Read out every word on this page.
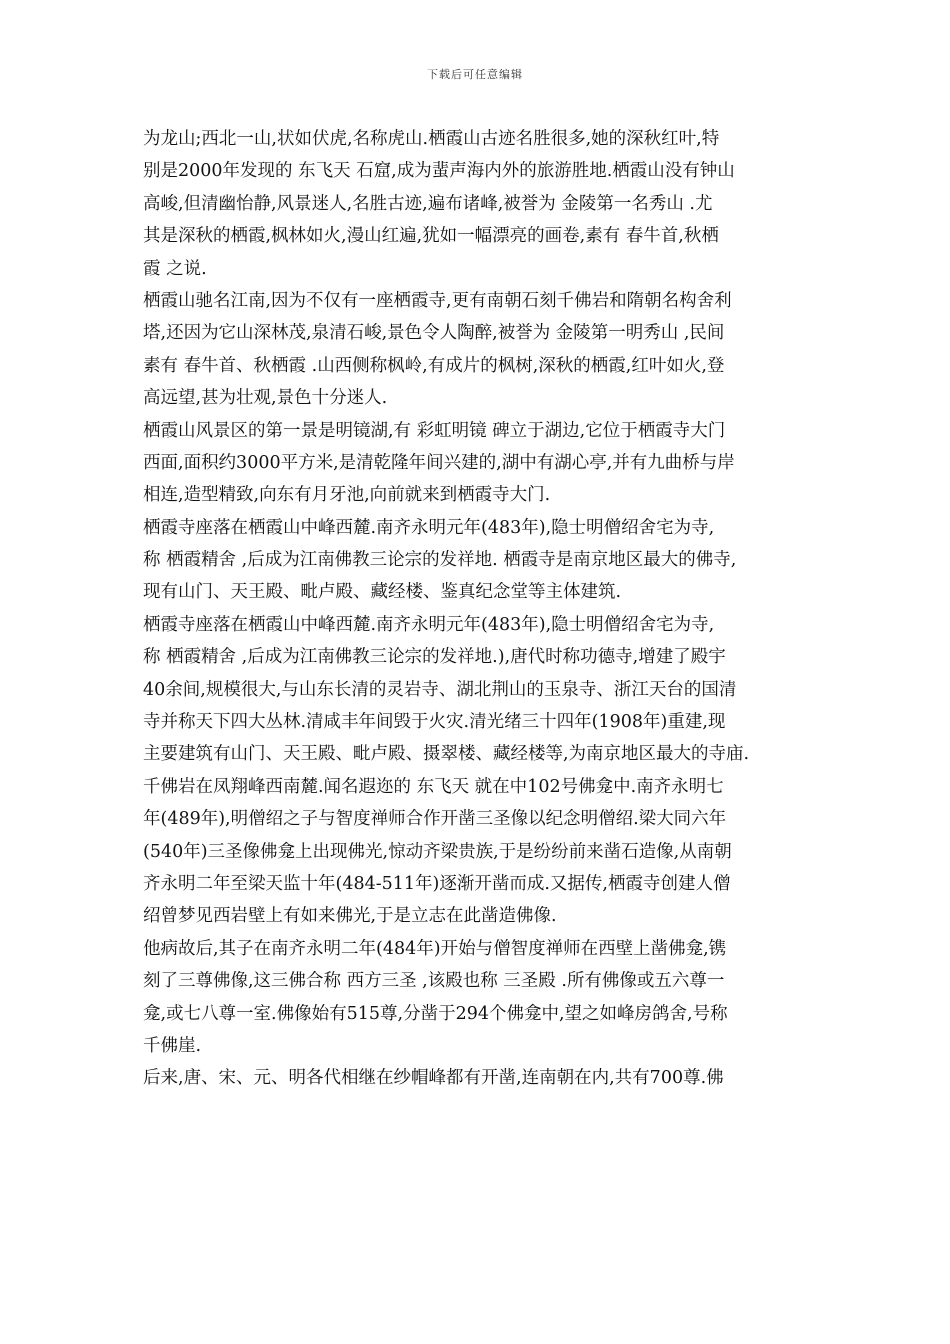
下载后可任意编辑
为龙山;西北一山,状如伏虎,名称虎山.栖霞山古迹名胜很多,她的深秋红叶,特
别是2000年发现的 东飞天 石窟,成为蜚声海内外的旅游胜地.栖霞山没有钟山
高峻,但清幽怡静,风景迷人,名胜古迹,遍布诸峰,被誉为 金陵第一名秀山 .尤
其是深秋的栖霞,枫林如火,漫山红遍,犹如一幅漂亮的画卷,素有 春牛首,秋栖
霞 之说.
栖霞山驰名江南,因为不仅有一座栖霞寺,更有南朝石刻千佛岩和隋朝名构舍利
塔,还因为它山深林茂,泉清石峻,景色令人陶醉,被誉为 金陵第一明秀山 ,民间
素有 春牛首、秋栖霞 .山西侧称枫岭,有成片的枫树,深秋的栖霞,红叶如火,登
高远望,甚为壮观,景色十分迷人.
栖霞山风景区的第一景是明镜湖,有 彩虹明镜 碑立于湖边,它位于栖霞寺大门
西面,面积约3000平方米,是清乾隆年间兴建的,湖中有湖心亭,并有九曲桥与岸
相连,造型精致,向东有月牙池,向前就来到栖霞寺大门.
栖霞寺座落在栖霞山中峰西麓.南齐永明元年(483年),隐士明僧绍舍宅为寺,
称 栖霞精舍 ,后成为江南佛教三论宗的发祥地. 栖霞寺是南京地区最大的佛寺,
现有山门、天王殿、毗卢殿、藏经楼、鉴真纪念堂等主体建筑.
栖霞寺座落在栖霞山中峰西麓.南齐永明元年(483年),隐士明僧绍舍宅为寺,
称 栖霞精舍 ,后成为江南佛教三论宗的发祥地.),唐代时称功德寺,增建了殿宇
40余间,规模很大,与山东长清的灵岩寺、湖北荆山的玉泉寺、浙江天台的国清
寺并称天下四大丛林.清咸丰年间毁于火灾.清光绪三十四年(1908年)重建,现
主要建筑有山门、天王殿、毗卢殿、摄翠楼、藏经楼等,为南京地区最大的寺庙.
千佛岩在凤翔峰西南麓.闻名遐迩的 东飞天 就在中102号佛龛中.南齐永明七
年(489年),明僧绍之子与智度禅师合作开凿三圣像以纪念明僧绍.梁大同六年
(540年)三圣像佛龛上出现佛光,惊动齐梁贵族,于是纷纷前来凿石造像,从南朝
齐永明二年至梁天监十年(484-511年)逐渐开凿而成.又据传,栖霞寺创建人僧
绍曾梦见西岩壁上有如来佛光,于是立志在此凿造佛像.
他病故后,其子在南齐永明二年(484年)开始与僧智度禅师在西壁上凿佛龛,镌
刻了三尊佛像,这三佛合称 西方三圣 ,该殿也称 三圣殿 .所有佛像或五六尊一
龛,或七八尊一室.佛像始有515尊,分凿于294个佛龛中,望之如峰房鸽舍,号称
千佛崖.
后来,唐、宋、元、明各代相继在纱帽峰都有开凿,连南朝在内,共有700尊.佛
